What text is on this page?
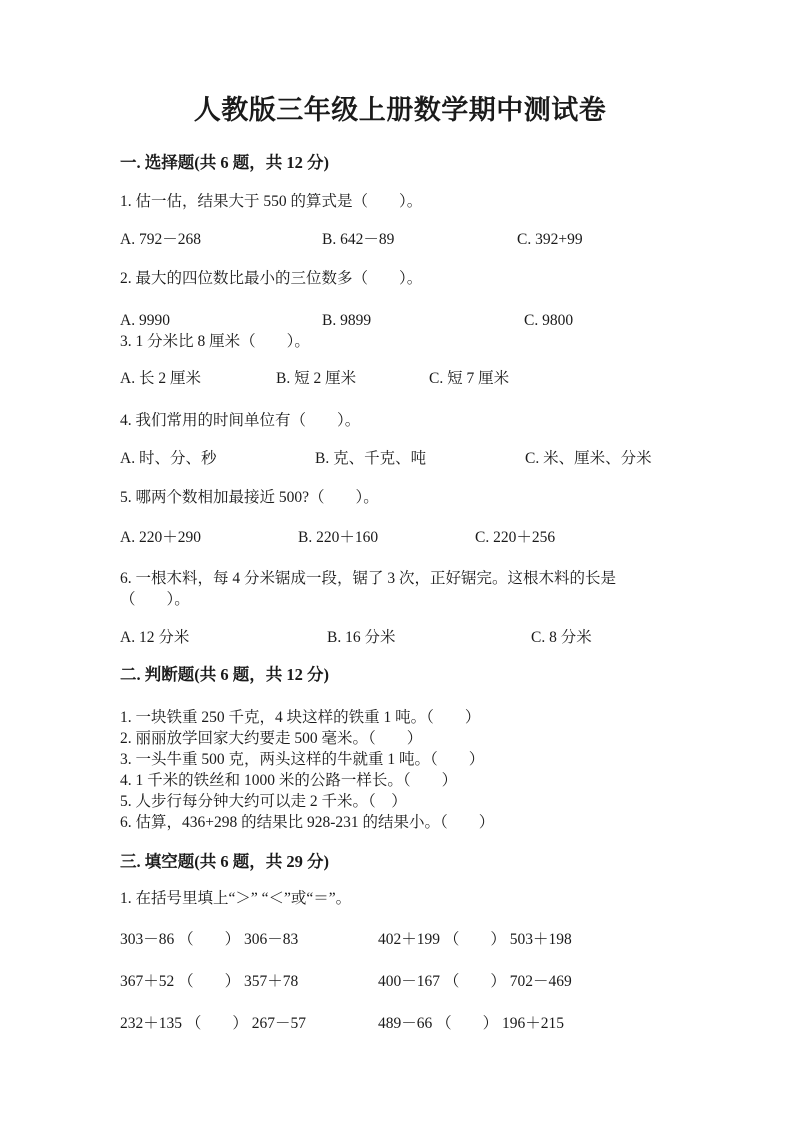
人教版三年级上册数学期中测试卷
一. 选择题(共 6 题，共 12 分)

1. 估一估，结果大于 550 的算式是（　　）。

A. 792－268	B. 642－89	C. 392+99

2. 最大的四位数比最小的三位数多（　　）。

A. 9990	B. 9899	C. 9800

3. 1 分米比 8 厘米（　　）。

A. 长 2 厘米	B. 短 2 厘米	C. 短 7 厘米

4. 我们常用的时间单位有（　　）。

A. 时、分、秒	B. 克、千克、吨	C. 米、厘米、分米

5. 哪两个数相加最接近 500?（　　）。

A. 220＋290	B. 220＋160	C. 220＋256

6. 一根木料，每 4 分米锯成一段，锯了 3 次，正好锯完。这根木料的长是

（　　）。

A. 12 分米	B. 16 分米	C. 8 分米
二. 判断题(共 6 题，共 12 分)

1. 一块铁重 250 千克，4 块这样的铁重 1 吨。（　　）

2. 丽丽放学回家大约要走 500 毫米。（　　）

3. 一头牛重 500 克，两头这样的牛就重 1 吨。（　　）

4. 1 千米的铁丝和 1000 米的公路一样长。（　　）

5. 人步行每分钟大约可以走 2 千米。（　）

6. 估算，436+298 的结果比 928-231 的结果小。（　　）

三. 填空题(共 6 题，共 29 分)

1. 在括号里填上“＞” “＜”或“＝”。

303－86 （　　） 306－83	402＋199 （　　） 503＋198
367＋52 （　　） 357＋78	400－167 （　　） 702－469
232＋135 （　　） 267－57	489－66 （　　） 196＋215
